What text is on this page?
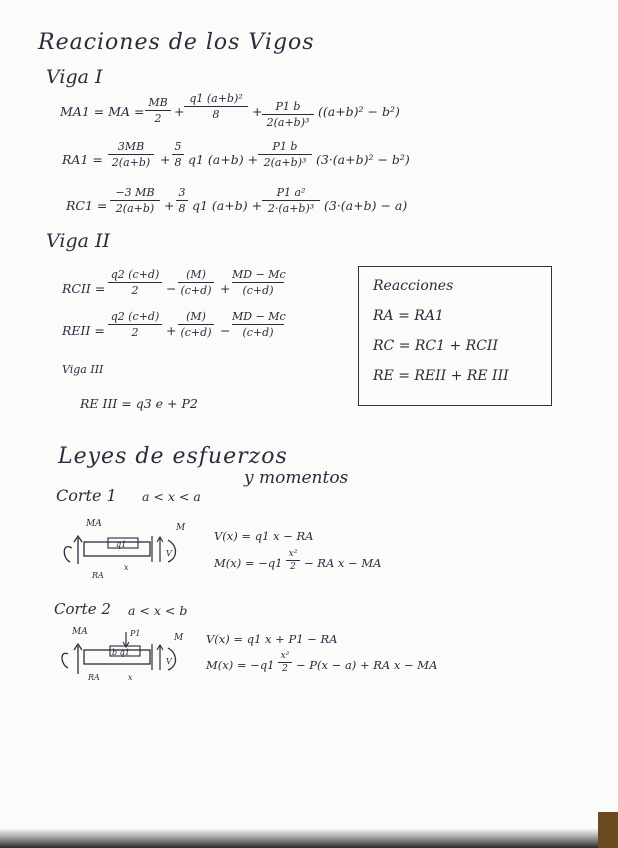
Reaciones de los Vigos
Viga I
MA1 = MA =
MB
2	+
q1 (a+b)²
8	+	P1 b
2(a+b)³
((a+b)² − b²)
RA1 =
3MB
2(a+b) +
5
8 q1 (a+b) +
P1 b
2(a+b)³ (3·(a+b)² − b²)
RC1 =
−3 MB
2(a+b) +
3
8 q1 (a+b) +
P1 a²
2·(a+b)³ (3·(a+b) − a)
Viga II
RCII =
q2 (c+d)
2	−
(M)
(c+d) +
MD − Mc
(c+d)
REII =
q2 (c+d)
2	+
(M)
(c+d) −
MD − Mc
(c+d)
Viga III
RE III = q3 e + P2
Reacciones
RA = RA1
RC = RC1 + RCII
RE = REII + RE III
Leyes de esfuerzos
y momentos
Corte 1 a < x < a
q1
MA
RA
x
M
V
V(x) = q1 x − RA
M(x) = −q1
x²
2 − RA x − MA
Corte 2 a < x < b
b q1
P1
MA
RA	x
M
V
V(x) = q1 x + P1 − RA
M(x) = −q1
x²
2 − P(x − a) + RA x − MA
